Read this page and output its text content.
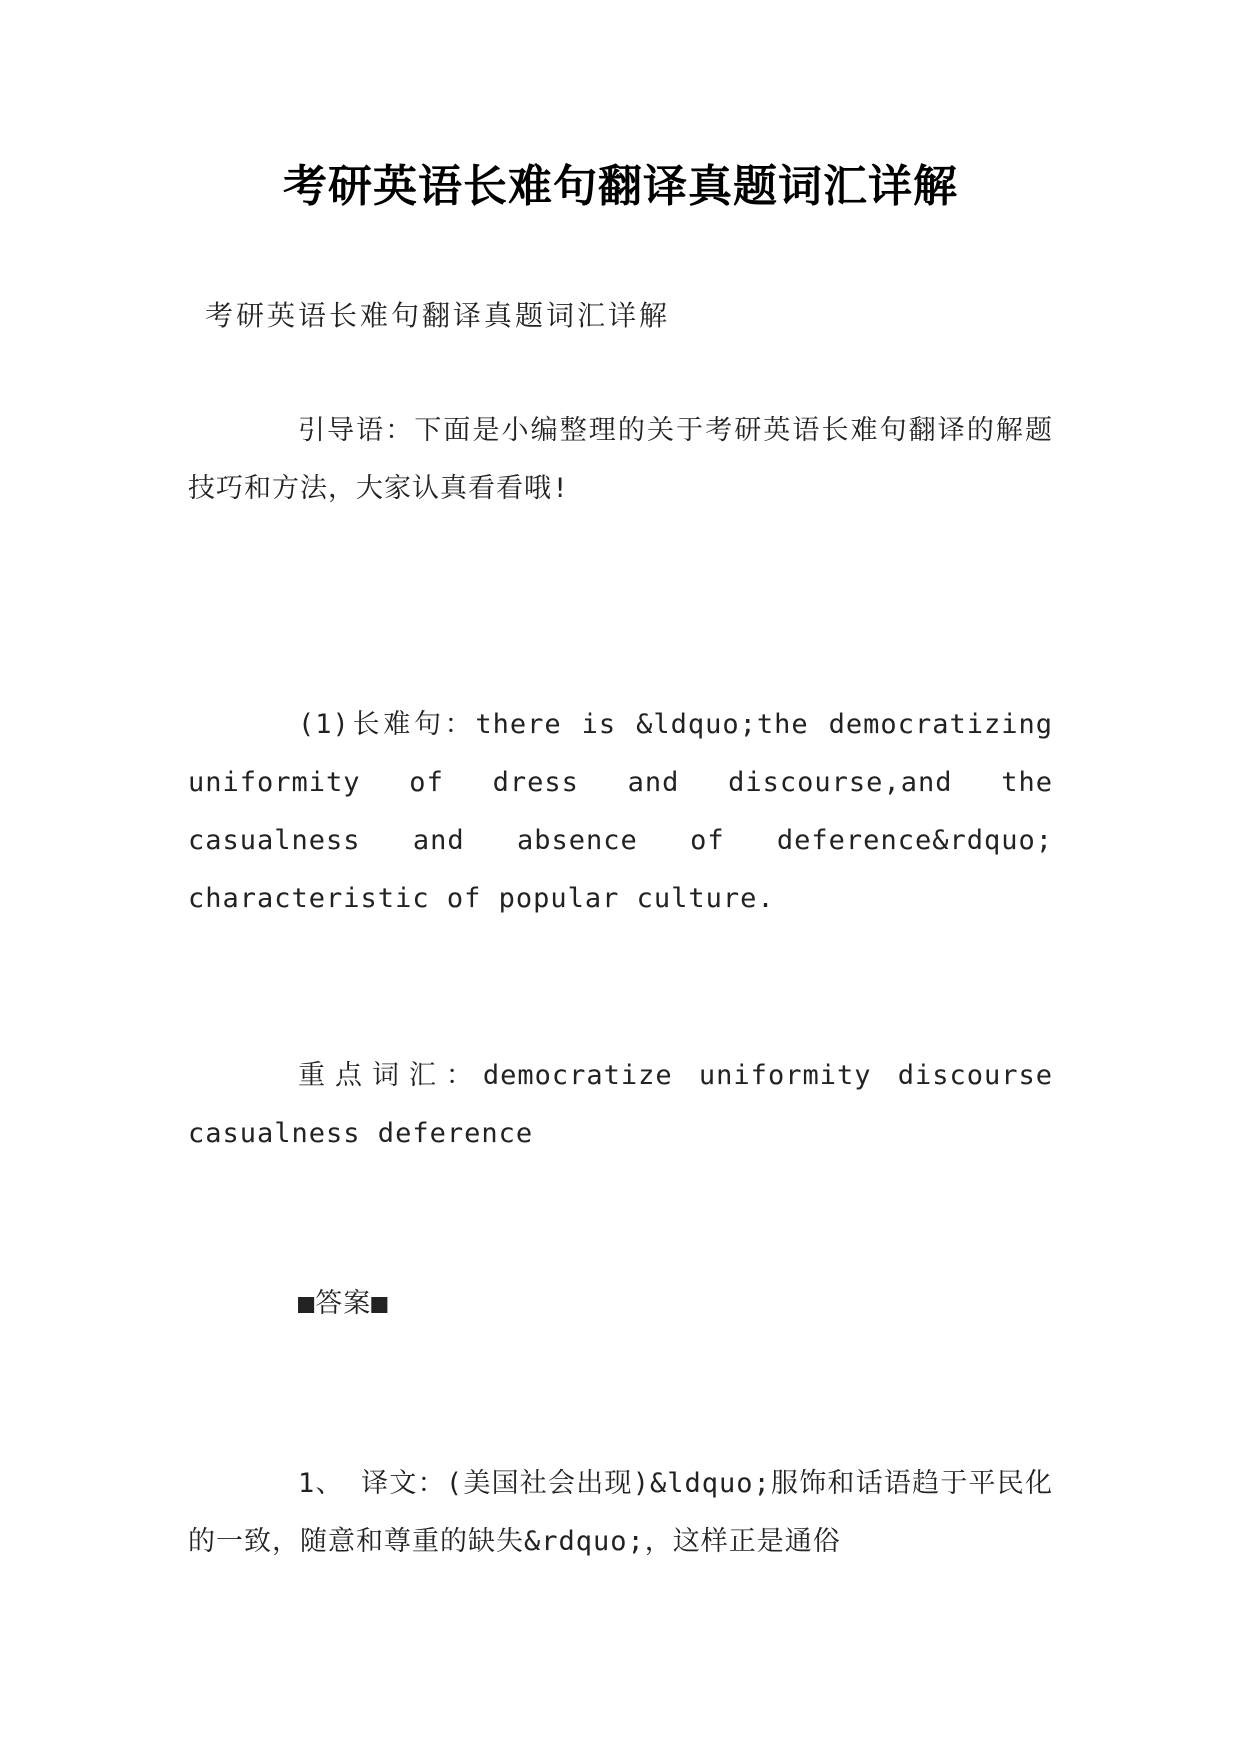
考研英语长难句翻译真题词汇详解

考研英语长难句翻译真题词汇详解

引导语：下面是小编整理的关于考研英语长难句翻译的解题技巧和方法，大家认真看看哦!

(1)长难句：there is &ldquo;the democratizing uniformity of dress and discourse,and the casualness and absence of deference&rdquo; characteristic of popular culture.

重点词汇：democratize uniformity discourse casualness deference

■答案■

1、 译文：(美国社会出现)&ldquo;服饰和话语趋于平民化的一致，随意和尊重的缺失&rdquo;，这样正是通俗
